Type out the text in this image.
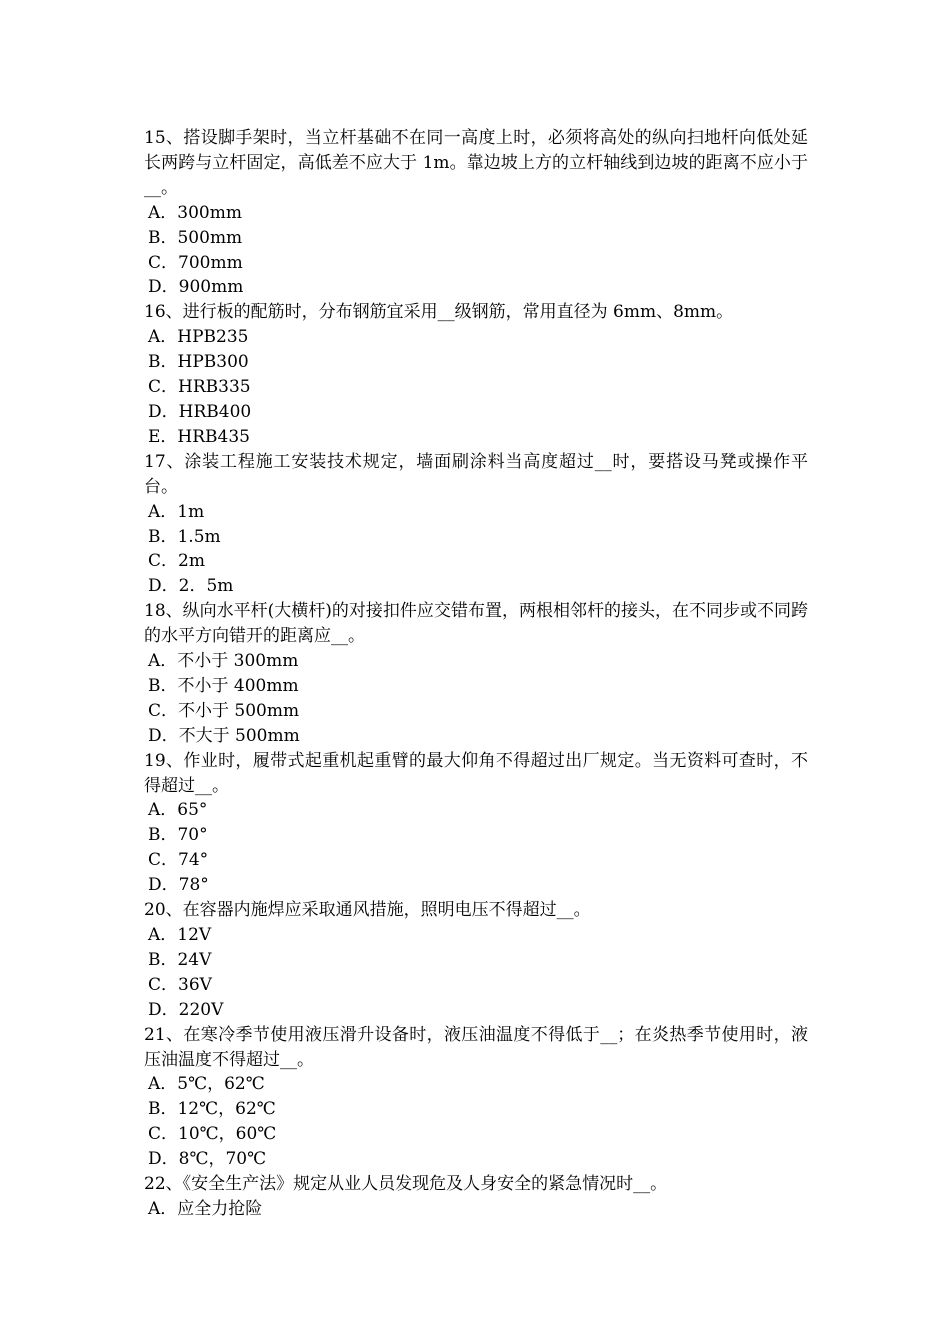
15、搭设脚手架时，当立杆基础不在同一高度上时，必须将高处的纵向扫地杆向低处延长两跨与立杆固定，高低差不应大于 1m。靠边坡上方的立杆轴线到边坡的距离不应小于__。

A．300mm

B．500mm

C．700mm

D．900mm

16、进行板的配筋时，分布钢筋宜采用__级钢筋，常用直径为 6mm、8mm。

A．HPB235

B．HPB300

C．HRB335

D．HRB400

E．HRB435

17、涂装工程施工安装技术规定，墙面刷涂料当高度超过__时，要搭设马凳或操作平台。

A．1m

B．1.5m

C．2m

D．2．5m

18、纵向水平杆(大横杆)的对接扣件应交错布置，两根相邻杆的接头，在不同步或不同跨的水平方向错开的距离应__。

A．不小于 300mm

B．不小于 400mm

C．不小于 500mm

D．不大于 500mm

19、作业时，履带式起重机起重臂的最大仰角不得超过出厂规定。当无资料可查时，不得超过__。

A．65°

B．70°

C．74°

D．78°

20、在容器内施焊应采取通风措施，照明电压不得超过__。

A．12V

B．24V

C．36V

D．220V

21、在寒冷季节使用液压滑升设备时，液压油温度不得低于__；在炎热季节使用时，液压油温度不得超过__。

A．5℃，62℃

B．12℃，62℃

C．10℃，60℃

D．8℃，70℃

22、《安全生产法》规定从业人员发现危及人身安全的紧急情况时__。

A．应全力抢险
